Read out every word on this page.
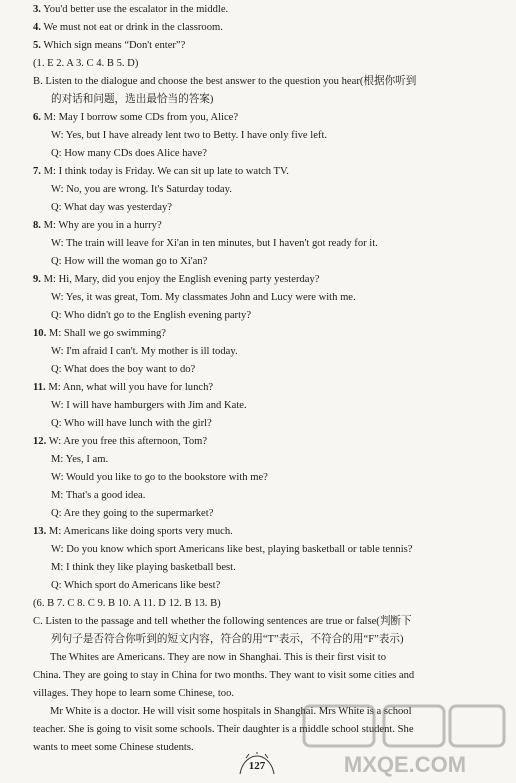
3. You'd better use the escalator in the middle.
4. We must not eat or drink in the classroom.
5. Which sign means “Don't enter”?
(1. E 2. A 3. C 4. B 5. D)
B. Listen to the dialogue and choose the best answer to the question you hear(根据你听到
的对话和问题，选出最恰当的答案)
6. M: May I borrow some CDs from you, Alice?
W: Yes, but I have already lent two to Betty. I have only five left.
Q: How many CDs does Alice have?
7. M: I think today is Friday. We can sit up late to watch TV.
W: No, you are wrong. It's Saturday today.
Q: What day was yesterday?
8. M: Why are you in a hurry?
W: The train will leave for Xi'an in ten minutes, but I haven't got ready for it.
Q: How will the woman go to Xi'an?
9. M: Hi, Mary, did you enjoy the English evening party yesterday?
W: Yes, it was great, Tom. My classmates John and Lucy were with me.
Q: Who didn't go to the English evening party?
10. M: Shall we go swimming?
W: I'm afraid I can't. My mother is ill today.
Q: What does the boy want to do?
11. M: Ann, what will you have for lunch?
W: I will have hamburgers with Jim and Kate.
Q: Who will have lunch with the girl?
12. W: Are you free this afternoon, Tom?
M: Yes, I am.
W: Would you like to go to the bookstore with me?
M: That's a good idea.
Q: Are they going to the supermarket?
13. M: Americans like doing sports very much.
W: Do you know which sport Americans like best, playing basketball or table tennis?
M: I think they like playing basketball best.
Q: Which sport do Americans like best?
(6. B 7. C 8. C 9. B 10. A 11. D 12. B 13. B)
C. Listen to the passage and tell whether the following sentences are true or false(判断下
列句子是否符合你听到的短文内容，符合的用“T”表示，不符合的用“F”表示)
The Whites are Americans. They are now in Shanghai. This is their first visit to
China. They are going to stay in China for two months. They want to visit some cities and
villages. They hope to learn some Chinese, too.
Mr White is a doctor. He will visit some hospitals in Shanghai. Mrs White is a school
teacher. She is going to visit some schools. Their daughter is a middle school student. She
wants to meet some Chinese students.
127	MXQE.COM
